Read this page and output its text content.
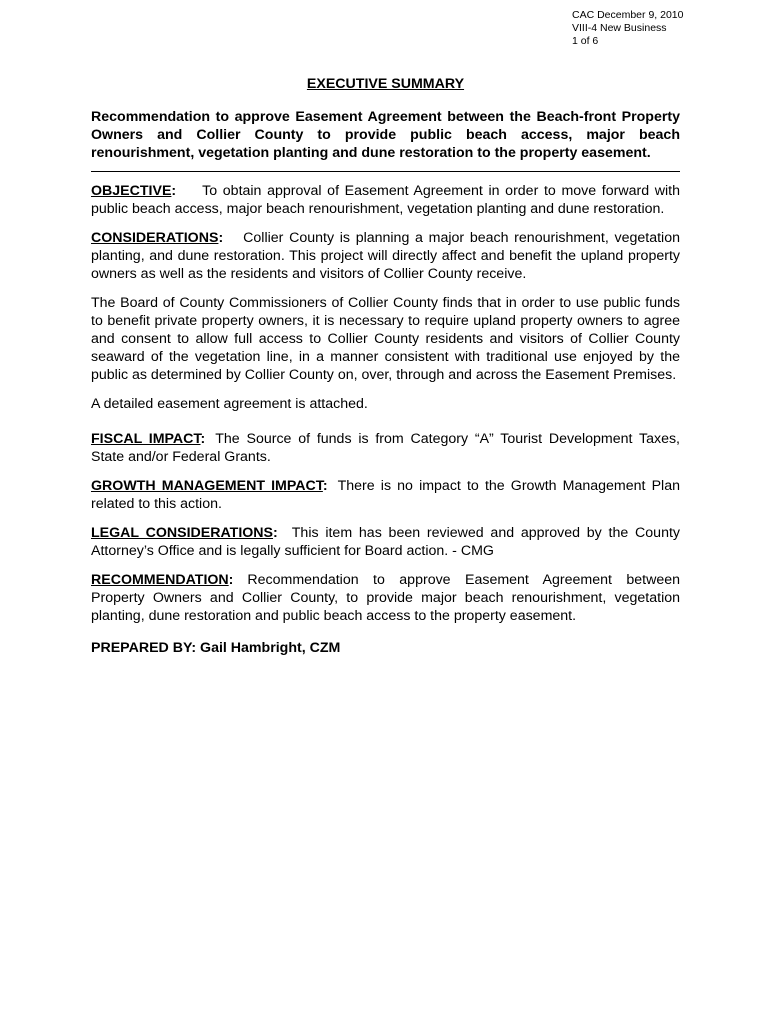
CAC December 9, 2010
VIII-4 New Business
1 of 6
EXECUTIVE SUMMARY

Recommendation to approve Easement Agreement between the Beach-front Property Owners and Collier County to provide public beach access, major beach renourishment, vegetation planting and dune restoration to the property easement.

OBJECTIVE: To obtain approval of Easement Agreement in order to move forward with public beach access, major beach renourishment, vegetation planting and dune restoration.

CONSIDERATIONS: Collier County is planning a major beach renourishment, vegetation planting, and dune restoration. This project will directly affect and benefit the upland property owners as well as the residents and visitors of Collier County receive.

The Board of County Commissioners of Collier County finds that in order to use public funds to benefit private property owners, it is necessary to require upland property owners to agree and consent to allow full access to Collier County residents and visitors of Collier County seaward of the vegetation line, in a manner consistent with traditional use enjoyed by the public as determined by Collier County on, over, through and across the Easement Premises.

A detailed easement agreement is attached.

FISCAL IMPACT: The Source of funds is from Category “A” Tourist Development Taxes, State and/or Federal Grants.

GROWTH MANAGEMENT IMPACT: There is no impact to the Growth Management Plan related to this action.

LEGAL CONSIDERATIONS: This item has been reviewed and approved by the County Attorney’s Office and is legally sufficient for Board action. - CMG

RECOMMENDATION: Recommendation to approve Easement Agreement between Property Owners and Collier County, to provide major beach renourishment, vegetation planting, dune restoration and public beach access to the property easement.

PREPARED BY: Gail Hambright, CZM
